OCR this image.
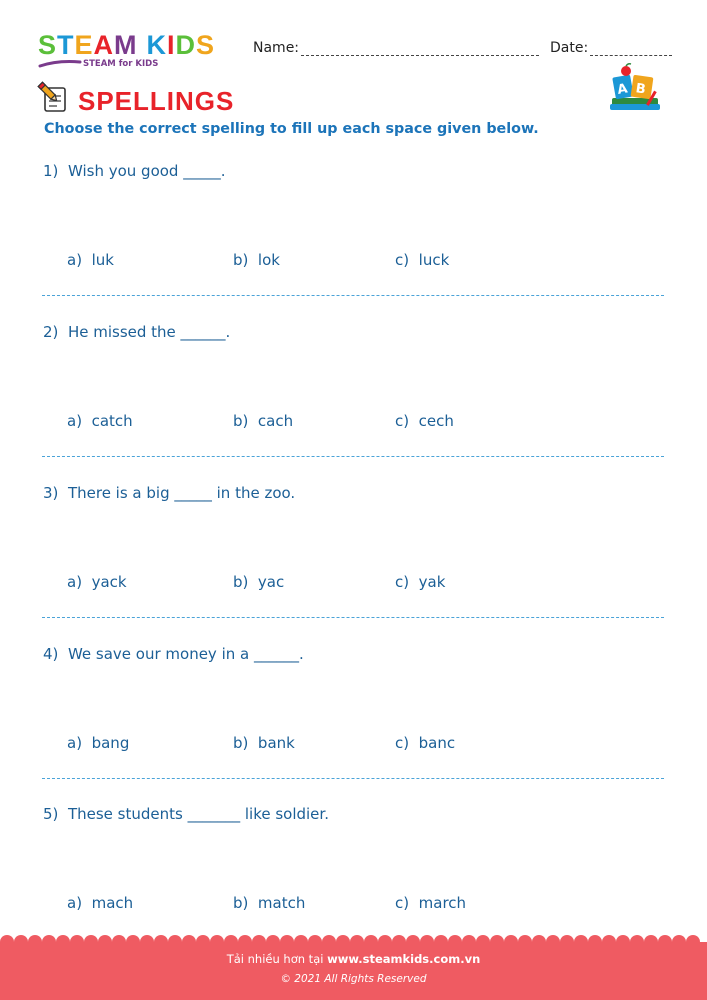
STEAM KIDS
STEAM for KIDS
Name:	Date:
SPELLINGS	A B
Choose the correct spelling to fill up each space given below.
1) Wish you good _____.
a) luk	b) lok	c) luck
2) He missed the ______.
a) catch	b) cach	c) cech
3) There is a big _____ in the zoo.
a) yack	b) yac	c) yak
4) We save our money in a ______.
a) bang	b) bank	c) banc
5) These students _______ like soldier.
a) mach	b) match	c) march
Tải nhiều hơn tại www.steamkids.com.vn
© 2021 All Rights Reserved
